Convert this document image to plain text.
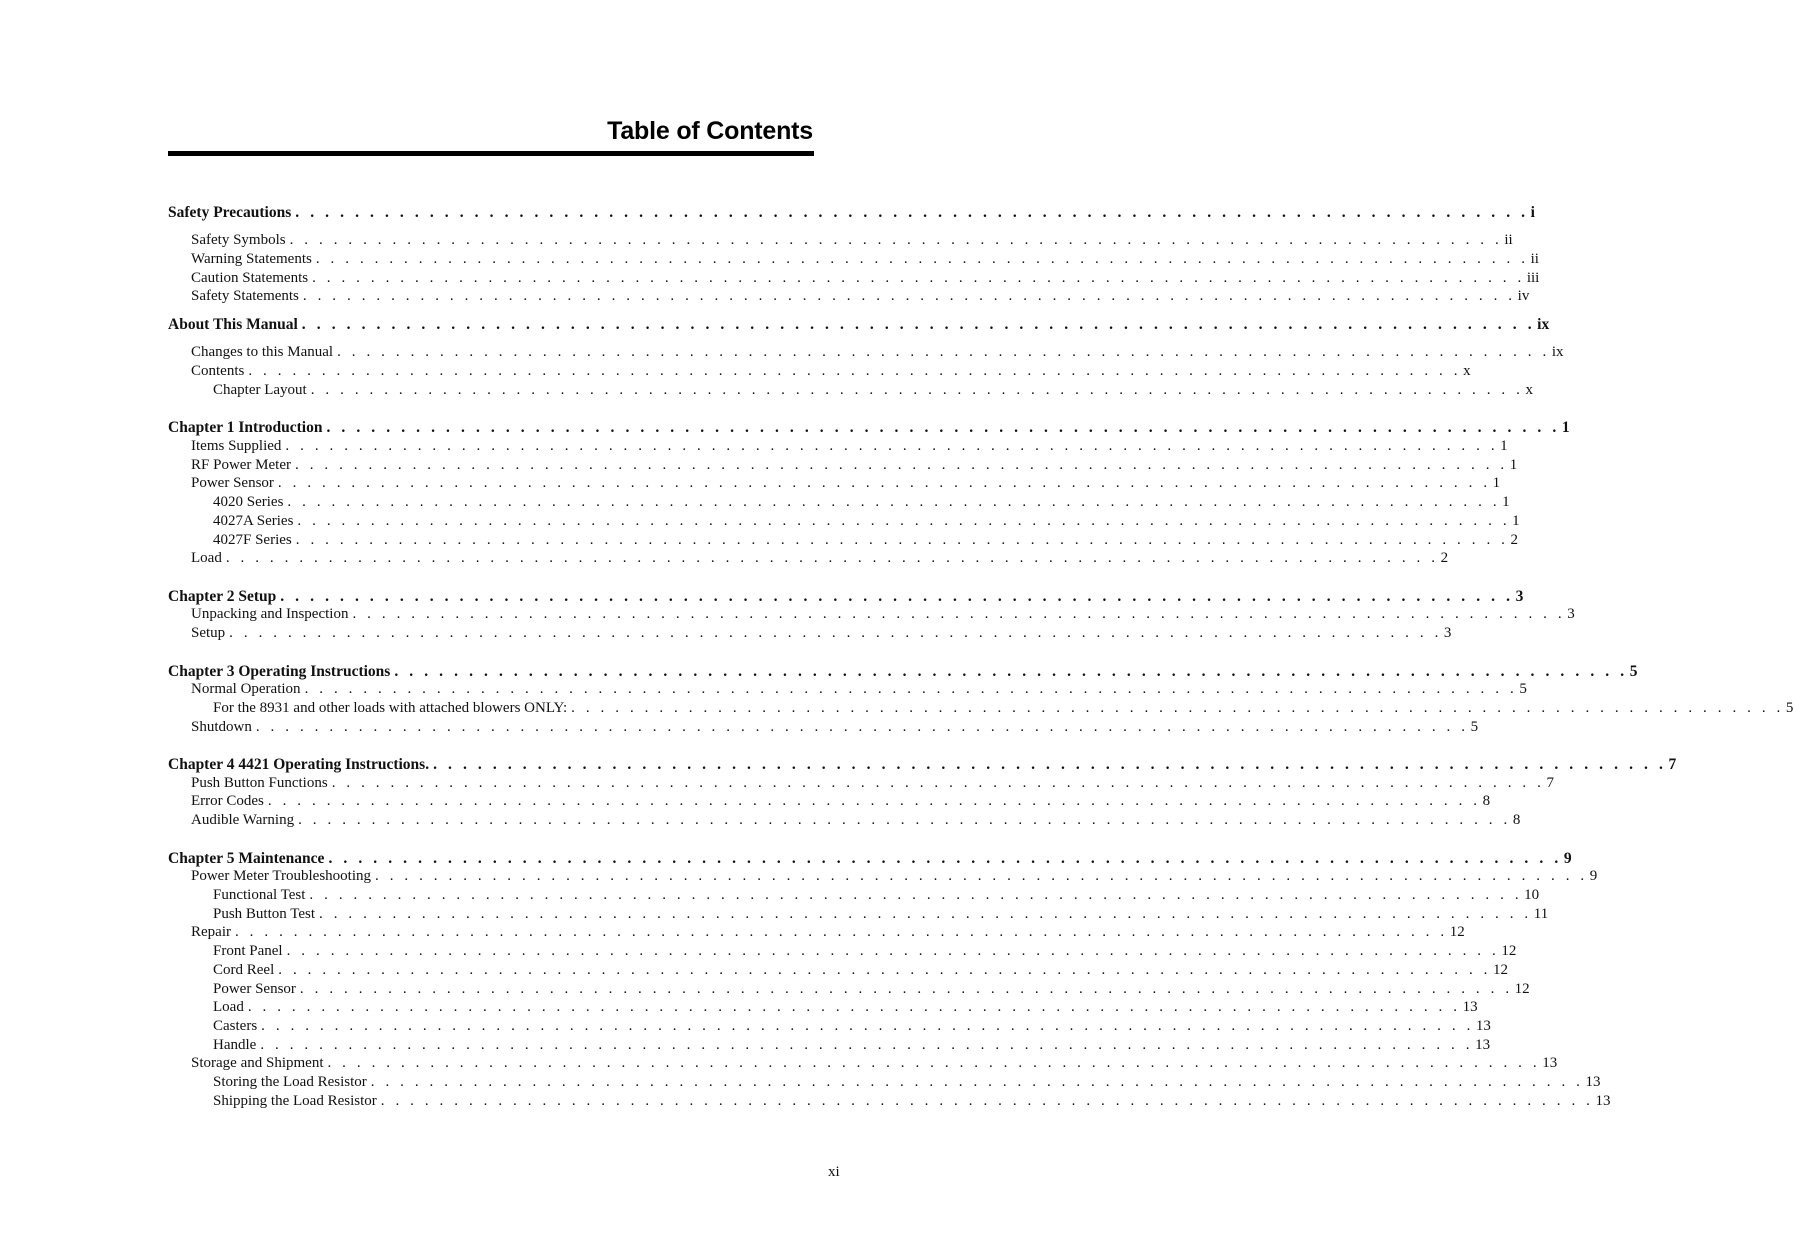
Table of Contents
Safety Precautions . . . . . . . . . . . . . . . . . . . . . . . . . . . . . . . . . . . . . . . . . . . . . . . . . . . . . . . . . . . . . . . . . . . . . . . . . . . . . . . . . . . i
Safety Symbols . . . . . . . . . . . . . . . . . . . . . . . . . . . . . . . . . . . . . . . . . . . . . . . . . . . . . . . . . . . . . . . . . . . . . . . . . . . . . . . . . . . ii
Warning Statements . . . . . . . . . . . . . . . . . . . . . . . . . . . . . . . . . . . . . . . . . . . . . . . . . . . . . . . . . . . . . . . . . . . . . . . . . . . . . . . . . . . ii
Caution Statements . . . . . . . . . . . . . . . . . . . . . . . . . . . . . . . . . . . . . . . . . . . . . . . . . . . . . . . . . . . . . . . . . . . . . . . . . . . . . . . . . . . iii
Safety Statements . . . . . . . . . . . . . . . . . . . . . . . . . . . . . . . . . . . . . . . . . . . . . . . . . . . . . . . . . . . . . . . . . . . . . . . . . . . . . . . . . . . iv
About This Manual . . . . . . . . . . . . . . . . . . . . . . . . . . . . . . . . . . . . . . . . . . . . . . . . . . . . . . . . . . . . . . . . . . . . . . . . . . . . . . . . . . . ix
Changes to this Manual . . . . . . . . . . . . . . . . . . . . . . . . . . . . . . . . . . . . . . . . . . . . . . . . . . . . . . . . . . . . . . . . . . . . . . . . . . . . . . . . . . . ix
Contents . . . . . . . . . . . . . . . . . . . . . . . . . . . . . . . . . . . . . . . . . . . . . . . . . . . . . . . . . . . . . . . . . . . . . . . . . . . . . . . . . . . x
Chapter Layout . . . . . . . . . . . . . . . . . . . . . . . . . . . . . . . . . . . . . . . . . . . . . . . . . . . . . . . . . . . . . . . . . . . . . . . . . . . . . . . . . . . x
Chapter 1 Introduction . . . . . . . . . . . . . . . . . . . . . . . . . . . . . . . . . . . . . . . . . . . . . . . . . . . . . . . . . . . . . . . . . . . . . . . . . . . . . . . . . . . 1
Items Supplied . . . . . . . . . . . . . . . . . . . . . . . . . . . . . . . . . . . . . . . . . . . . . . . . . . . . . . . . . . . . . . . . . . . . . . . . . . . . . . . . . . . 1
RF Power Meter . . . . . . . . . . . . . . . . . . . . . . . . . . . . . . . . . . . . . . . . . . . . . . . . . . . . . . . . . . . . . . . . . . . . . . . . . . . . . . . . . . . 1
Power Sensor . . . . . . . . . . . . . . . . . . . . . . . . . . . . . . . . . . . . . . . . . . . . . . . . . . . . . . . . . . . . . . . . . . . . . . . . . . . . . . . . . . . 1
4020 Series . . . . . . . . . . . . . . . . . . . . . . . . . . . . . . . . . . . . . . . . . . . . . . . . . . . . . . . . . . . . . . . . . . . . . . . . . . . . . . . . . . . 1
4027A Series . . . . . . . . . . . . . . . . . . . . . . . . . . . . . . . . . . . . . . . . . . . . . . . . . . . . . . . . . . . . . . . . . . . . . . . . . . . . . . . . . . . 1
4027F Series . . . . . . . . . . . . . . . . . . . . . . . . . . . . . . . . . . . . . . . . . . . . . . . . . . . . . . . . . . . . . . . . . . . . . . . . . . . . . . . . . . . 2
Load . . . . . . . . . . . . . . . . . . . . . . . . . . . . . . . . . . . . . . . . . . . . . . . . . . . . . . . . . . . . . . . . . . . . . . . . . . . . . . . . . . . 2
Chapter 2 Setup . . . . . . . . . . . . . . . . . . . . . . . . . . . . . . . . . . . . . . . . . . . . . . . . . . . . . . . . . . . . . . . . . . . . . . . . . . . . . . . . . . . 3
Unpacking and Inspection . . . . . . . . . . . . . . . . . . . . . . . . . . . . . . . . . . . . . . . . . . . . . . . . . . . . . . . . . . . . . . . . . . . . . . . . . . . . . . . . . . . 3
Setup . . . . . . . . . . . . . . . . . . . . . . . . . . . . . . . . . . . . . . . . . . . . . . . . . . . . . . . . . . . . . . . . . . . . . . . . . . . . . . . . . . . 3
Chapter 3 Operating Instructions . . . . . . . . . . . . . . . . . . . . . . . . . . . . . . . . . . . . . . . . . . . . . . . . . . . . . . . . . . . . . . . . . . . . . . . . . . . . . . . . . . . 5
Normal Operation . . . . . . . . . . . . . . . . . . . . . . . . . . . . . . . . . . . . . . . . . . . . . . . . . . . . . . . . . . . . . . . . . . . . . . . . . . . . . . . . . . . 5
For the 8931 and other loads with attached blowers ONLY: . . . . . . . . . . . . . . . . . . . . . . . . . . . . . . . . . . . . . . . . . . . . . . . . . . . . . . . . . . . . . . . . . . . . . . . . . . . . . . . . . . . 5
Shutdown . . . . . . . . . . . . . . . . . . . . . . . . . . . . . . . . . . . . . . . . . . . . . . . . . . . . . . . . . . . . . . . . . . . . . . . . . . . . . . . . . . . 5
Chapter 4 4421 Operating Instructions. . . . . . . . . . . . . . . . . . . . . . . . . . . . . . . . . . . . . . . . . . . . . . . . . . . . . . . . . . . . . . . . . . . . . . . . . . . . . . . . . . . . 7
Push Button Functions . . . . . . . . . . . . . . . . . . . . . . . . . . . . . . . . . . . . . . . . . . . . . . . . . . . . . . . . . . . . . . . . . . . . . . . . . . . . . . . . . . . 7
Error Codes . . . . . . . . . . . . . . . . . . . . . . . . . . . . . . . . . . . . . . . . . . . . . . . . . . . . . . . . . . . . . . . . . . . . . . . . . . . . . . . . . . . 8
Audible Warning . . . . . . . . . . . . . . . . . . . . . . . . . . . . . . . . . . . . . . . . . . . . . . . . . . . . . . . . . . . . . . . . . . . . . . . . . . . . . . . . . . . 8
Chapter 5 Maintenance . . . . . . . . . . . . . . . . . . . . . . . . . . . . . . . . . . . . . . . . . . . . . . . . . . . . . . . . . . . . . . . . . . . . . . . . . . . . . . . . . . . 9
Power Meter Troubleshooting . . . . . . . . . . . . . . . . . . . . . . . . . . . . . . . . . . . . . . . . . . . . . . . . . . . . . . . . . . . . . . . . . . . . . . . . . . . . . . . . . . . 9
Functional Test . . . . . . . . . . . . . . . . . . . . . . . . . . . . . . . . . . . . . . . . . . . . . . . . . . . . . . . . . . . . . . . . . . . . . . . . . . . . . . . . . . . 10
Push Button Test . . . . . . . . . . . . . . . . . . . . . . . . . . . . . . . . . . . . . . . . . . . . . . . . . . . . . . . . . . . . . . . . . . . . . . . . . . . . . . . . . . . 11
Repair . . . . . . . . . . . . . . . . . . . . . . . . . . . . . . . . . . . . . . . . . . . . . . . . . . . . . . . . . . . . . . . . . . . . . . . . . . . . . . . . . . . 12
Front Panel . . . . . . . . . . . . . . . . . . . . . . . . . . . . . . . . . . . . . . . . . . . . . . . . . . . . . . . . . . . . . . . . . . . . . . . . . . . . . . . . . . . 12
Cord Reel . . . . . . . . . . . . . . . . . . . . . . . . . . . . . . . . . . . . . . . . . . . . . . . . . . . . . . . . . . . . . . . . . . . . . . . . . . . . . . . . . . . 12
Power Sensor . . . . . . . . . . . . . . . . . . . . . . . . . . . . . . . . . . . . . . . . . . . . . . . . . . . . . . . . . . . . . . . . . . . . . . . . . . . . . . . . . . . 12
Load . . . . . . . . . . . . . . . . . . . . . . . . . . . . . . . . . . . . . . . . . . . . . . . . . . . . . . . . . . . . . . . . . . . . . . . . . . . . . . . . . . . 13
Casters . . . . . . . . . . . . . . . . . . . . . . . . . . . . . . . . . . . . . . . . . . . . . . . . . . . . . . . . . . . . . . . . . . . . . . . . . . . . . . . . . . . 13
Handle . . . . . . . . . . . . . . . . . . . . . . . . . . . . . . . . . . . . . . . . . . . . . . . . . . . . . . . . . . . . . . . . . . . . . . . . . . . . . . . . . . . 13
Storage and Shipment . . . . . . . . . . . . . . . . . . . . . . . . . . . . . . . . . . . . . . . . . . . . . . . . . . . . . . . . . . . . . . . . . . . . . . . . . . . . . . . . . . . 13
Storing the Load Resistor . . . . . . . . . . . . . . . . . . . . . . . . . . . . . . . . . . . . . . . . . . . . . . . . . . . . . . . . . . . . . . . . . . . . . . . . . . . . . . . . . . . 13
Shipping the Load Resistor . . . . . . . . . . . . . . . . . . . . . . . . . . . . . . . . . . . . . . . . . . . . . . . . . . . . . . . . . . . . . . . . . . . . . . . . . . . . . . . . . . . 13
xi
